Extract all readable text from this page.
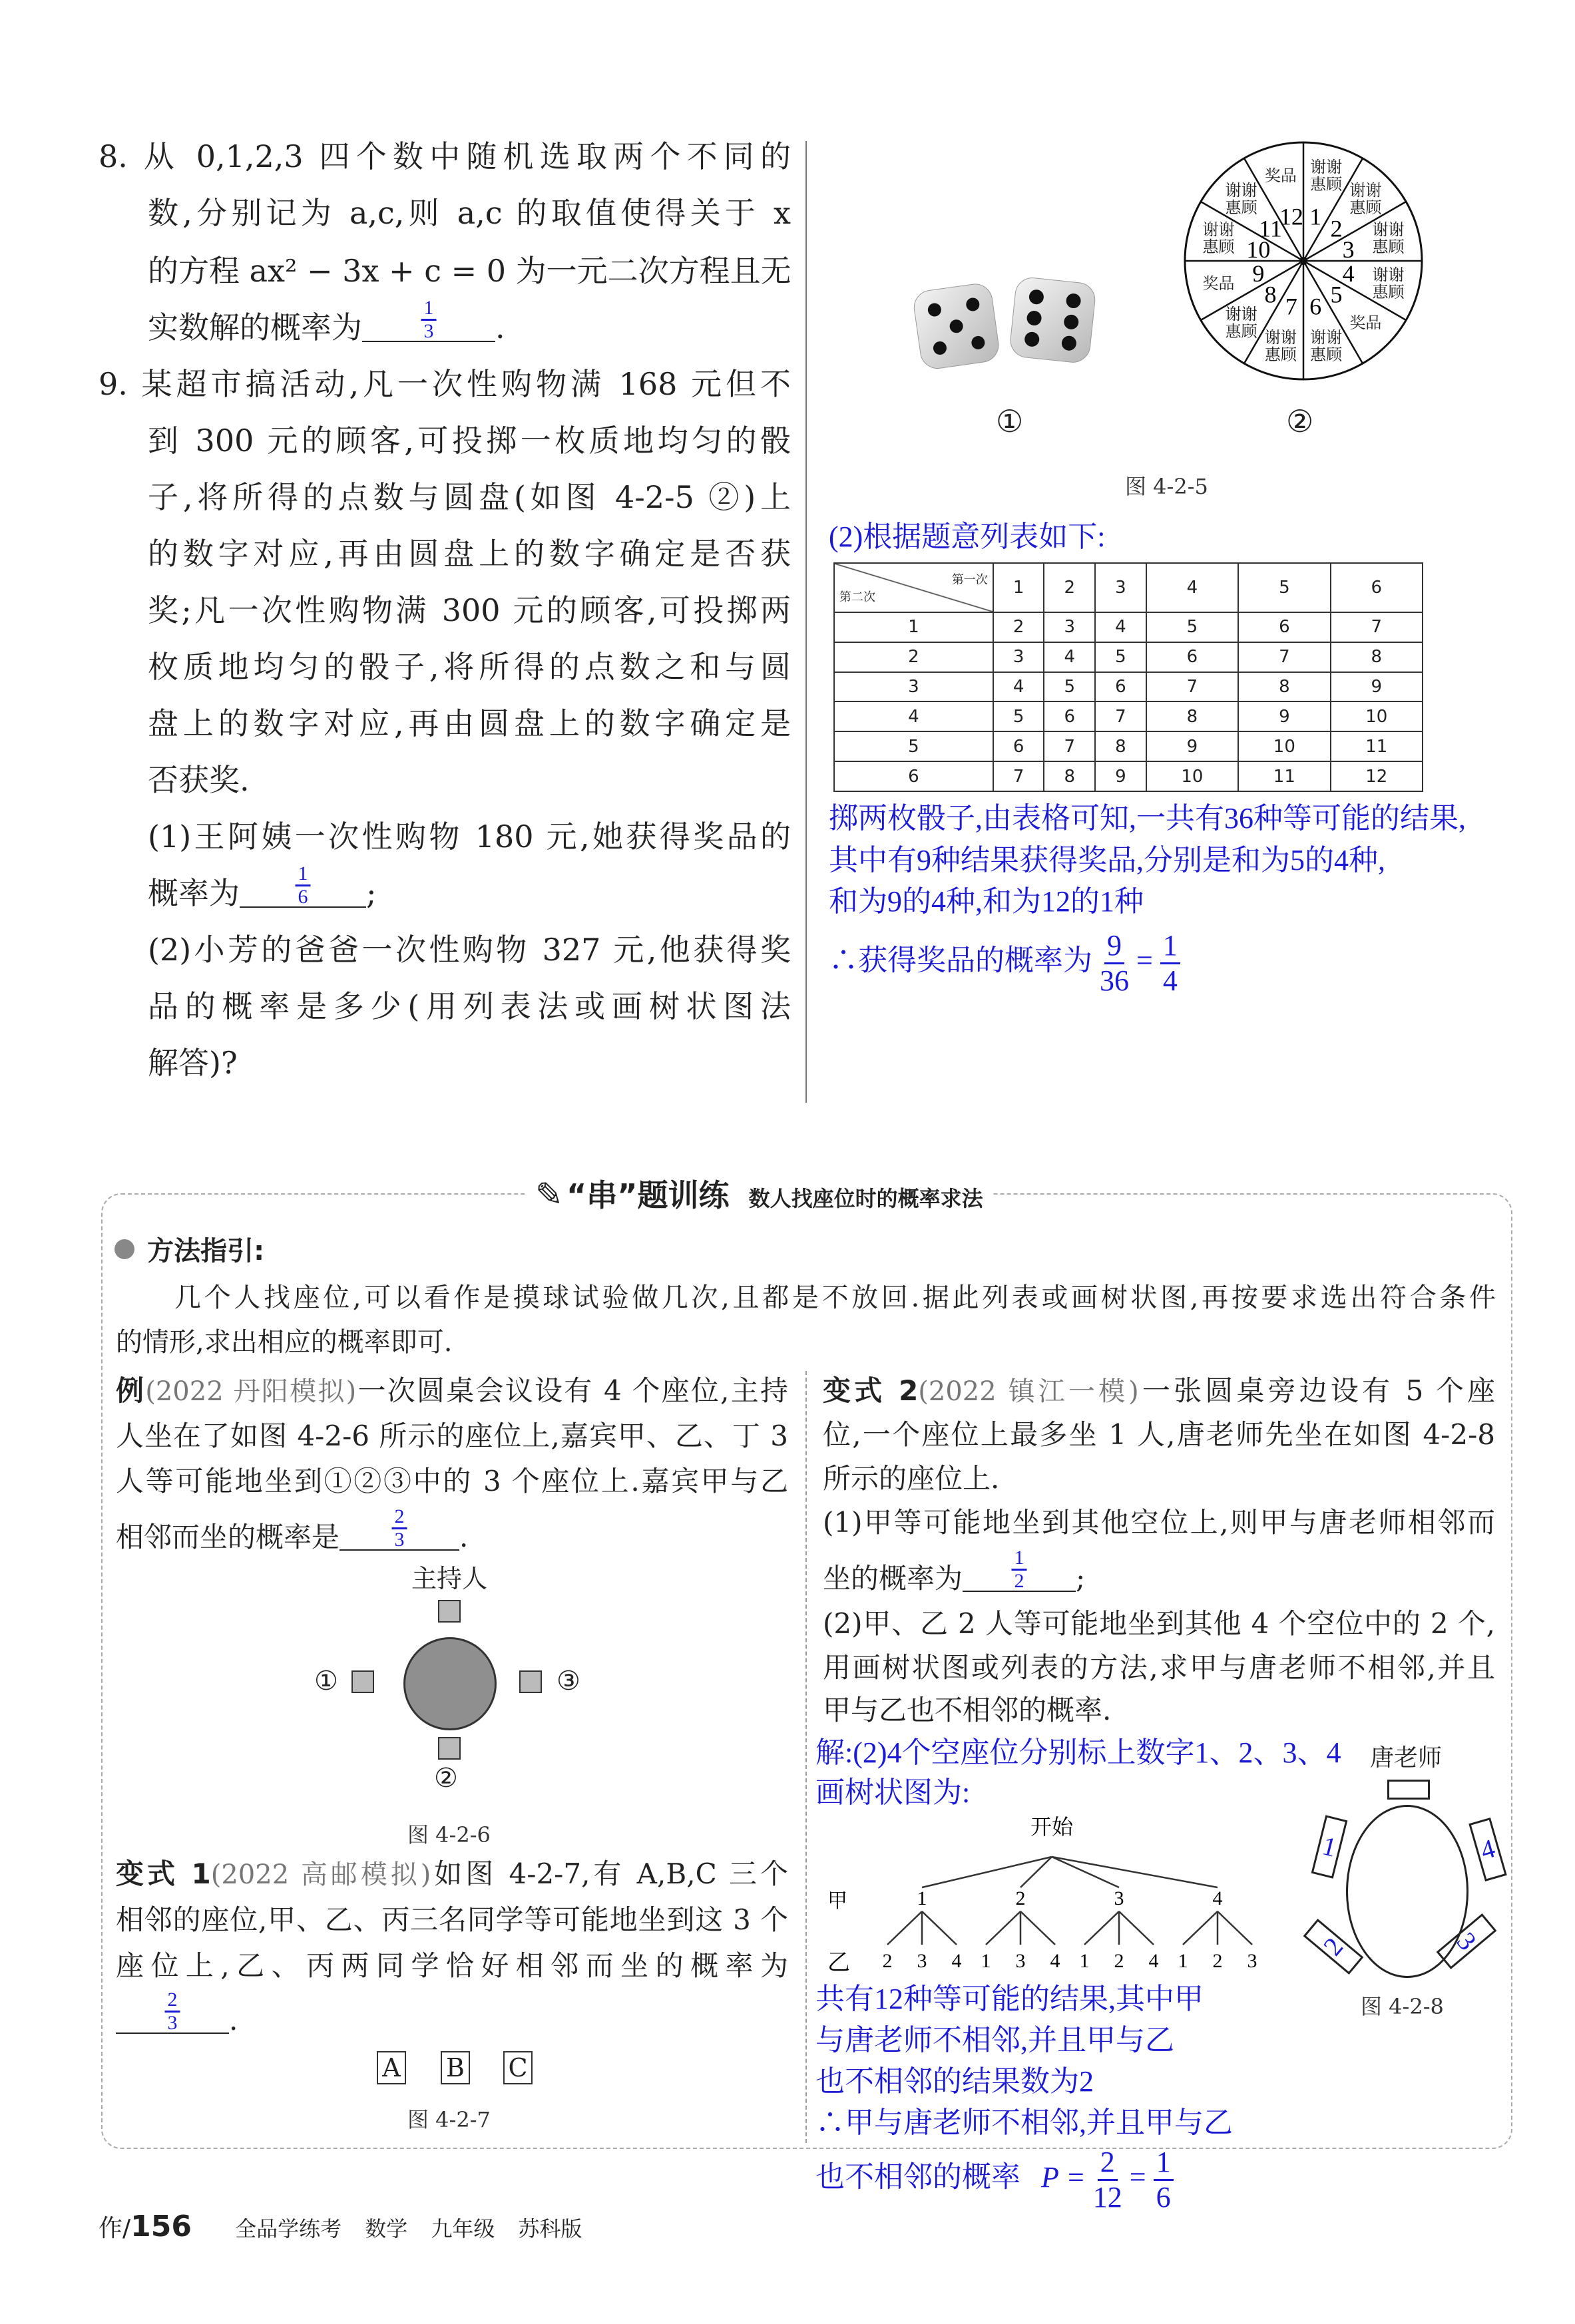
8. 从 0,1,2,3 四个数中随机选取两个不同的
数,分别记为 a,c,则 a,c 的取值使得关于 x
的方程 ax² − 3x + c = 0 为一元二次方程且无
实数解的概率为	$\frac{1}{3}$ .
9. 某超市搞活动,凡一次性购物满 168 元但不
到 300 元的顾客,可投掷一枚质地均匀的骰
子,将所得的点数与圆盘(如图 4-2-5 ②)上
的数字对应,再由圆盘上的数字确定是否获
奖;凡一次性购物满 300 元的顾客,可投掷两
枚质地均匀的骰子,将所得的点数之和与圆
盘上的数字对应,再由圆盘上的数字确定是
否获奖.
(1)王阿姨一次性购物 180 元,她获得奖品的
概率为	$\frac{1}{6}$ ;
(2)小芳的爸爸一次性购物 327 元,他获得奖
品的概率是多少(用列表法或画树状图法
解答)?
①
1 2
3
4
5
6
7
8
9
10
11
12
谢谢惠顾 谢谢惠顾
谢谢惠顾
谢谢惠顾
奖品
谢谢惠顾
谢谢惠顾
谢谢惠顾
奖品
谢谢惠顾
谢谢惠顾
奖品
②
图 4-2-5
(2)根据题意列表如下:
第一次
第二次	1	2	3	4	5	6
1	2	3	4	5	6	7
2	3	4	5	6	7	8
3	4	5	6	7	8	9
4	5	6	7	8	9	10
5	6	7	8	9	10	11
6	7	8	9	10	11	12
掷两枚骰子,由表格可知,一共有36种等可能的结果,
其中有9种结果获得奖品,分别是和为5的4种,
和为9的4种,和为12的1种
∴获得奖品的概率为 $\frac{9}{36} = \frac{1}{4}$
✎ “串”题训练 数人找座位时的概率求法
方法指引:
几个人找座位,可以看作是摸球试验做几次,且都是不放回.据此列表或画树状图,再按要求选出符合条件
的情形,求出相应的概率即可.
例(2022 丹阳模拟)一次圆桌会议设有 4 个座位,主持
人坐在了如图 4-2-6 所示的座位上,嘉宾甲、乙、丁 3
人等可能地坐到①②③中的 3 个座位上.嘉宾甲与乙
相邻而坐的概率是	$\frac{2}{3}$ .
主持人
①	③
②
图 4-2-6
变式 1(2022 高邮模拟)如图 4-2-7,有 A,B,C 三个
相邻的座位,甲、乙、丙三名同学等可能地坐到这 3 个
座位上,乙、丙两同学恰好相邻而坐的概率为
$\frac{2}{3}$ .
A B C
图 4-2-7
变式 2(2022 镇江一模)一张圆桌旁边设有 5 个座
位,一个座位上最多坐 1 人,唐老师先坐在如图 4-2-8
所示的座位上.
(1)甲等可能地坐到其他空位上,则甲与唐老师相邻而
坐的概率为 $\frac{1}{2}$ ;
(2)甲、乙 2 人等可能地坐到其他 4 个空位中的 2 个,
用画树状图或列表的方法,求甲与唐老师不相邻,并且
甲与乙也不相邻的概率.
解:(2)4个空座位分别标上数字1、2、3、4
画树状图为:
开始
甲
乙
1
2 3 4
2
1 3 4
3
1 2 4
4
1 2 3
共有12种等可能的结果,其中甲
与唐老师不相邻,并且甲与乙
也不相邻的结果数为2
∴甲与唐老师不相邻,并且甲与乙
也不相邻的概率 $P = \frac{2}{12} = \frac{1}{6}$
唐老师
1
2	3
4
图 4-2-8
作/156 全品学练考 数学 九年级 苏科版
